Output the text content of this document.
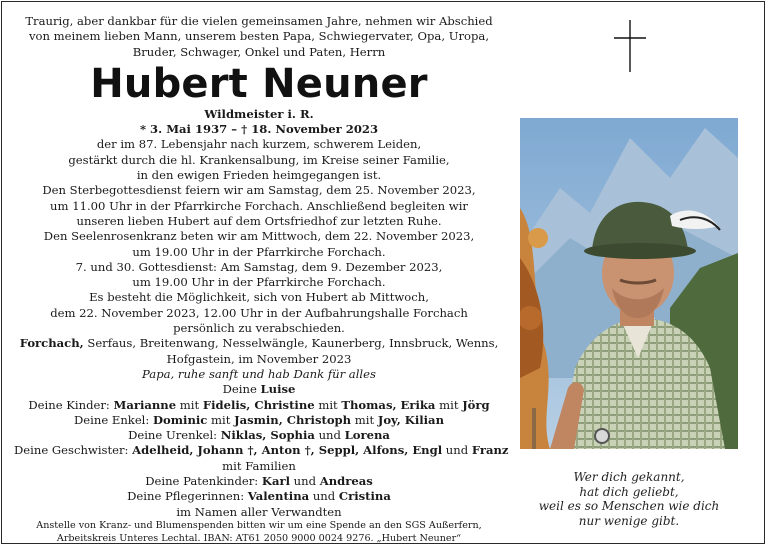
Traurig, aber dankbar für die vielen gemeinsamen Jahre, nehmen wir Abschied
von meinem lieben Mann, unserem besten Papa, Schwiegervater, Opa, Uropa,
Bruder, Schwager, Onkel und Paten, Herrn
Hubert Neuner
Wildmeister i. R.
* 3. Mai 1937 – † 18. November 2023
der im 87. Lebensjahr nach kurzem, schwerem Leiden,
gestärkt durch die hl. Krankensalbung, im Kreise seiner Familie,
in den ewigen Frieden heimgegangen ist.
Den Sterbegottesdienst feiern wir am Samstag, dem 25. November 2023,
um 11.00 Uhr in der Pfarrkirche Forchach. Anschließend begleiten wir
unseren lieben Hubert auf dem Ortsfriedhof zur letzten Ruhe.
Den Seelenrosenkranz beten wir am Mittwoch, dem 22. November 2023,
um 19.00 Uhr in der Pfarrkirche Forchach.
7. und 30. Gottesdienst: Am Samstag, dem 9. Dezember 2023,
um 19.00 Uhr in der Pfarrkirche Forchach.
Es besteht die Möglichkeit, sich von Hubert ab Mittwoch,
dem 22. November 2023, 12.00 Uhr in der Aufbahrungshalle Forchach
persönlich zu verabschieden.
Forchach, Serfaus, Breitenwang, Nesselwängle, Kaunerberg, Innsbruck, Wenns,
Hofgastein, im November 2023
Papa, ruhe sanft und hab Dank für alles
Deine Luise
Deine Kinder: Marianne mit Fidelis, Christine mit Thomas, Erika mit Jörg
Deine Enkel: Dominic mit Jasmin, Christoph mit Joy, Kilian
Deine Urenkel: Niklas, Sophia und Lorena
Deine Geschwister: Adelheid, Johann †, Anton †, Seppl, Alfons, Engl und Franz
mit Familien
Deine Patenkinder: Karl und Andreas
Deine Pflegerinnen: Valentina und Cristina
im Namen aller Verwandten
Anstelle von Kranz- und Blumenspenden bitten wir um eine Spende an den SGS Außerfern,
Arbeitskreis Unteres Lechtal. IBAN: AT61 2050 9000 0024 9276. „Hubert Neuner“
Wer dich gekannt,
hat dich geliebt,
weil es so Menschen wie dich
nur wenige gibt.
